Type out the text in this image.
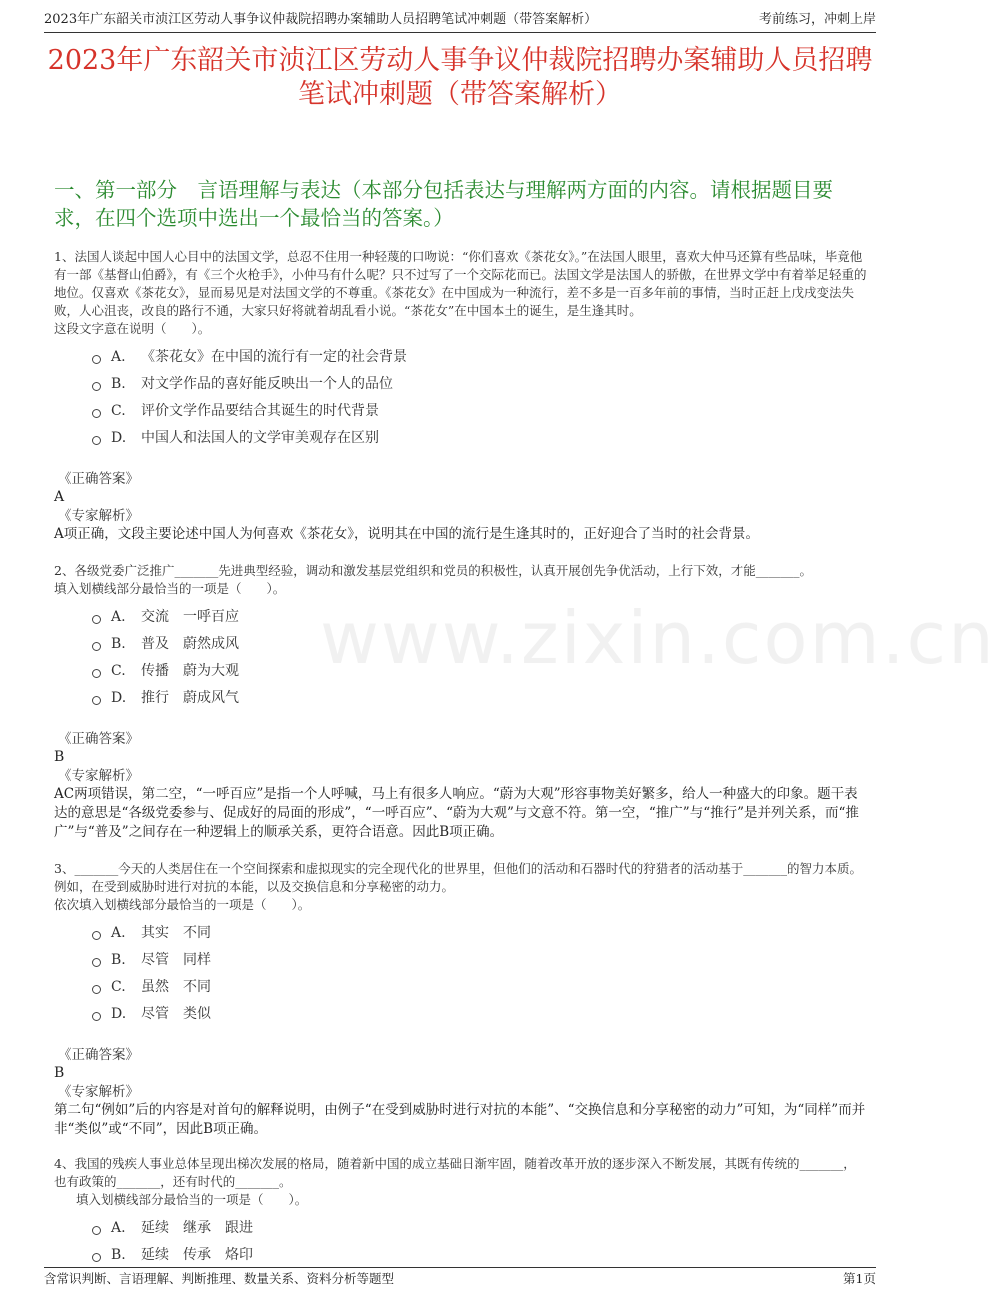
2023年广东韶关市浈江区劳动人事争议仲裁院招聘办案辅助人员招聘笔试冲刺题（带答案解析）	考前练习，冲刺上岸
2023年广东韶关市浈江区劳动人事争议仲裁院招聘办案辅助人员招聘笔试冲刺题（带答案解析）
一、第一部分　言语理解与表达（本部分包括表达与理解两方面的内容。请根据题目要求，在四个选项中选出一个最恰当的答案。）
www.zixin.com.cn

1、法国人谈起中国人心目中的法国文学，总忍不住用一种轻蔑的口吻说：“你们喜欢《茶花女》。”在法国人眼里，喜欢大仲马还算有些品味，毕竟他有一部《基督山伯爵》，有《三个火枪手》，小仲马有什么呢？只不过写了一个交际花而已。法国文学是法国人的骄傲，在世界文学中有着举足轻重的地位。仅喜欢《茶花女》，显而易见是对法国文学的不尊重。《茶花女》在中国成为一种流行，差不多是一百多年前的事情，当时正赶上戊戌变法失败，人心沮丧，改良的路行不通，大家只好将就着胡乱看小说。“茶花女”在中国本土的诞生，是生逢其时。

这段文字意在说明（　　）。

A.	《茶花女》在中国的流行有一定的社会背景
B.	对文学作品的喜好能反映出一个人的品位
C.	评价文学作品要结合其诞生的时代背景
D.	中国人和法国人的文学审美观存在区别

《正确答案》

A

《专家解析》

A项正确，文段主要论述中国人为何喜欢《茶花女》，说明其在中国的流行是生逢其时的，正好迎合了当时的社会背景。

2、各级党委广泛推广_______先进典型经验，调动和激发基层党组织和党员的积极性，认真开展创先争优活动，上行下效，才能_______。

填入划横线部分最恰当的一项是（　　）。

A.	交流　一呼百应
B.	普及　蔚然成风
C.	传播　蔚为大观
D.	推行　蔚成风气

《正确答案》

B

《专家解析》

AC两项错误，第二空，“一呼百应”是指一个人呼喊，马上有很多人响应。“蔚为大观”形容事物美好繁多，给人一种盛大的印象。题干表达的意思是“各级党委参与、促成好的局面的形成”，“一呼百应”、“蔚为大观”与文意不符。第一空，“推广”与“推行”是并列关系，而“推广”与“普及”之间存在一种逻辑上的顺承关系，更符合语意。因此B项正确。

3、_______今天的人类居住在一个空间探索和虚拟现实的完全现代化的世界里，但他们的活动和石器时代的狩猎者的活动基于_______的智力本质。例如，在受到威胁时进行对抗的本能，以及交换信息和分享秘密的动力。

依次填入划横线部分最恰当的一项是（　　）。

A.	其实　不同
B.	尽管　同样
C.	虽然　不同
D.	尽管　类似

《正确答案》

B

《专家解析》

第二句“例如”后的内容是对首句的解释说明，由例子“在受到威胁时进行对抗的本能”、“交换信息和分享秘密的动力”可知，为“同样”而并非“类似”或“不同”，因此B项正确。

4、我国的残疾人事业总体呈现出梯次发展的格局，随着新中国的成立基础日渐牢固，随着改革开放的逐步深入不断发展，其既有传统的_______，也有政策的_______，还有时代的_______。

填入划横线部分最恰当的一项是（　　）。

A.	延续　继承　跟进
B.	延续　传承　烙印
含常识判断、言语理解、判断推理、数量关系、资料分析等题型	第1页
